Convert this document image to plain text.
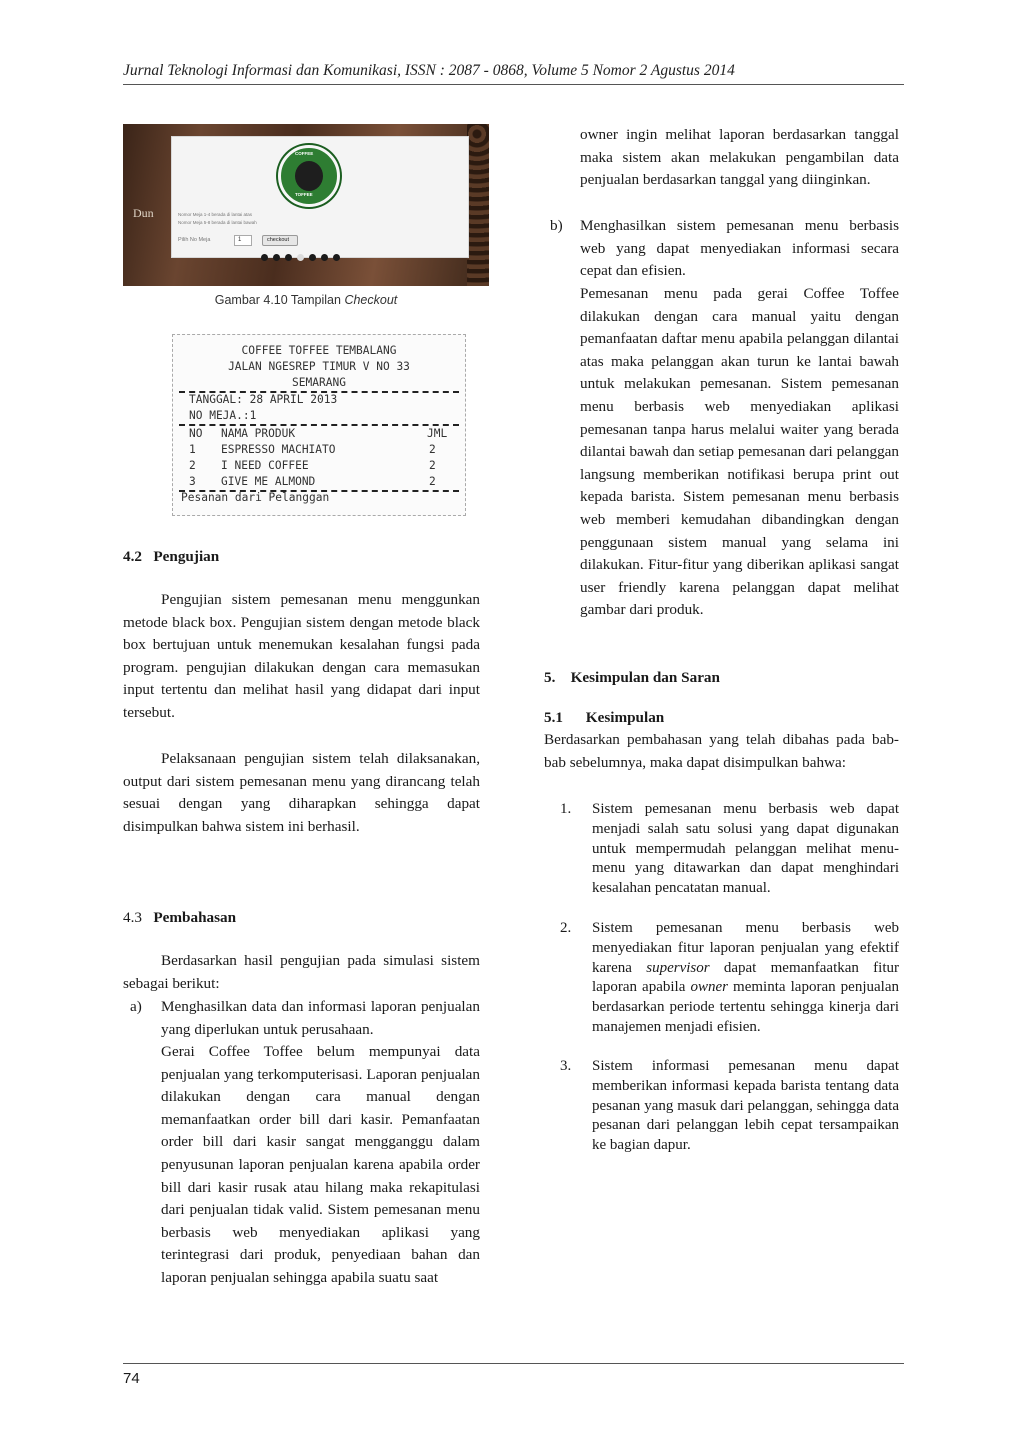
Jurnal Teknologi Informasi dan Komunikasi, ISSN : 2087 - 0868, Volume 5 Nomor 2 Agustus 2014
COFFEE
TOFFEE
Nomor Meja 1-4 berada di lantai atas
Nomor Meja 5-8 berada di lantai bawah
Pilih No Meja	1	checkout
Dun
Gambar 4.10 Tampilan Checkout
COFFEE TOFFEE TEMBALANG
JALAN NGESREP TIMUR V NO 33
SEMARANG
TANGGAL: 28 APRIL 2013
NO MEJA.:1
NO NAMA PRODUK	JML
1 ESPRESSO MACHIATO	2
2 I NEED COFFEE	2
3 GIVE ME ALMOND	2
Pesanan dari Pelanggan
4.2 Pengujian
Pengujian sistem pemesanan menu menggunkan metode black box. Pengujian sistem dengan metode black box bertujuan untuk menemukan kesalahan fungsi pada program. pengujian dilakukan dengan cara memasukan input tertentu dan melihat hasil yang didapat dari input tersebut.
Pelaksanaan pengujian sistem telah dilaksanakan, output dari sistem pemesanan menu yang dirancang telah sesuai dengan yang diharapkan sehingga dapat disimpulkan bahwa sistem ini berhasil.
4.3 Pembahasan
Berdasarkan hasil pengujian pada simulasi sistem sebagai berikut:
a) Menghasilkan data dan informasi laporan penjualan yang diperlukan untuk perusahaan.
Gerai Coffee Toffee belum mempunyai data penjualan yang terkomputerisasi. Laporan penjualan dilakukan dengan cara manual dengan memanfaatkan order bill dari kasir. Pemanfaatan order bill dari kasir sangat mengganggu dalam penyusunan laporan penjualan karena apabila order bill dari kasir rusak atau hilang maka rekapitulasi dari penjualan tidak valid. Sistem pemesanan menu berbasis web menyediakan aplikasi yang terintegrasi dari produk, penyediaan bahan dan laporan penjualan sehingga apabila suatu saat
owner ingin melihat laporan berdasarkan tanggal maka sistem akan melakukan pengambilan data penjualan berdasarkan tanggal yang diinginkan.
b) Menghasilkan sistem pemesanan menu berbasis web yang dapat menyediakan informasi secara cepat dan efisien.
Pemesanan menu pada gerai Coffee Toffee dilakukan dengan cara manual yaitu dengan pemanfaatan daftar menu apabila pelanggan dilantai atas maka pelanggan akan turun ke lantai bawah untuk melakukan pemesanan. Sistem pemesanan menu berbasis web menyediakan aplikasi pemesanan tanpa harus melalui waiter yang berada dilantai bawah dan setiap pemesanan dari pelanggan langsung memberikan notifikasi berupa print out kepada barista. Sistem pemesanan menu berbasis web memberi kemudahan dibandingkan dengan penggunaan sistem manual yang selama ini dilakukan. Fitur-fitur yang diberikan aplikasi sangat user friendly karena pelanggan dapat melihat gambar dari produk.
5. Kesimpulan dan Saran
5.1 Kesimpulan
Berdasarkan pembahasan yang telah dibahas pada bab-bab sebelumnya, maka dapat disimpulkan bahwa:
1. Sistem pemesanan menu berbasis web dapat menjadi salah satu solusi yang dapat digunakan untuk mempermudah pelanggan melihat menu-menu yang ditawarkan dan dapat menghindari kesalahan pencatatan manual.
2. Sistem pemesanan menu berbasis web menyediakan fitur laporan penjualan yang efektif karena supervisor dapat memanfaatkan fitur laporan apabila owner meminta laporan penjualan berdasarkan periode tertentu sehingga kinerja dari manajemen menjadi efisien.
3. Sistem informasi pemesanan menu dapat memberikan informasi kepada barista tentang data pesanan yang masuk dari pelanggan, sehingga data pesanan dari pelanggan lebih cepat tersampaikan ke bagian dapur.
74
